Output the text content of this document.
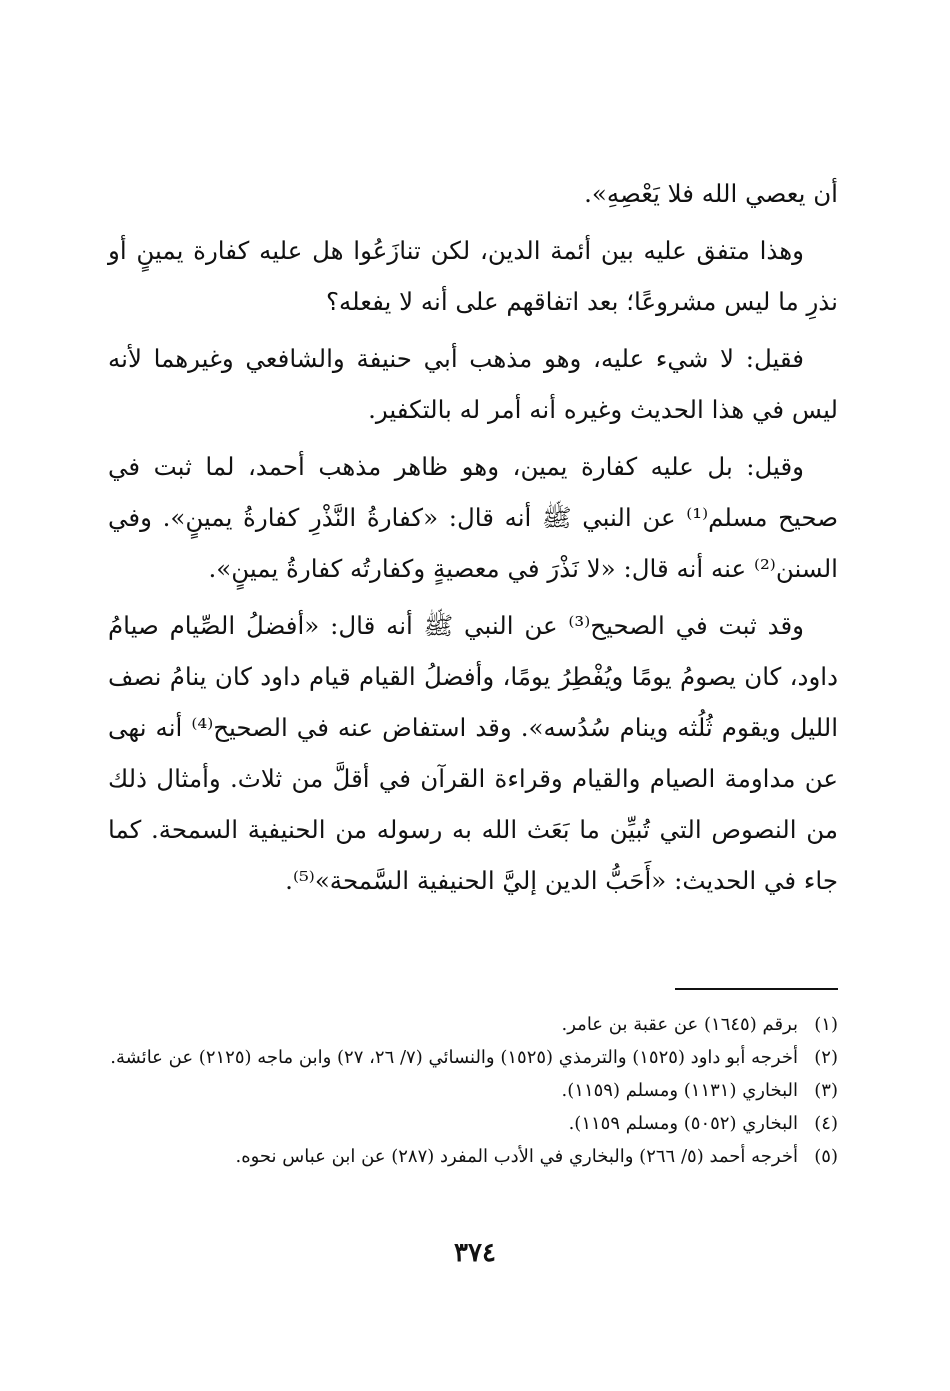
أن يعصي الله فلا يَعْصِهِ».

وهذا متفق عليه بين أئمة الدين، لكن تنازَعُوا هل عليه كفارة يمينٍ أو نذرِ ما ليس مشروعًا؛ بعد اتفاقهم على أنه لا يفعله؟

فقيل: لا شيء عليه، وهو مذهب أبي حنيفة والشافعي وغيرهما لأنه ليس في هذا الحديث وغيره أنه أمر له بالتكفير.

وقيل: بل عليه كفارة يمين، وهو ظاهر مذهب أحمد، لما ثبت في صحيح مسلم⁽¹⁾ عن النبي ﷺ أنه قال: «كفارةُ النَّذْرِ كفارةُ يمينٍ». وفي السنن⁽²⁾ عنه أنه قال: «لا نَذْرَ في معصيةٍ وكفارتُه كفارةُ يمينٍ».

وقد ثبت في الصحيح⁽³⁾ عن النبي ﷺ أنه قال: «أفضلُ الصِّيام صيامُ داود، كان يصومُ يومًا ويُفْطِرُ يومًا، وأفضلُ القيام قيام داود كان ينامُ نصف الليل ويقوم ثُلُثه وينام سُدُسه». وقد استفاض عنه في الصحيح⁽⁴⁾ أنه نهى عن مداومة الصيام والقيام وقراءة القرآن في أقلَّ من ثلاث. وأمثال ذلك من النصوص التي تُبيِّن ما بَعَث الله به رسوله من الحنيفية السمحة. كما جاء في الحديث: «أَحَبُّ الدين إليَّ الحنيفية السَّمحة»⁽⁵⁾.

(١)
برقم (١٦٤٥) عن عقبة بن عامر.
(٢)
أخرجه أبو داود (١٥٢٥) والترمذي (١٥٢٥) والنسائي (٧/ ٢٦، ٢٧) وابن ماجه (٢١٢٥) عن عائشة.
(٣)
البخاري (١١٣١) ومسلم (١١٥٩).
(٤)
البخاري (٥٠٥٢) ومسلم ١١٥٩).
(٥)
أخرجه أحمد (٥/ ٢٦٦) والبخاري في الأدب المفرد (٢٨٧) عن ابن عباس نحوه.
٣٧٤
